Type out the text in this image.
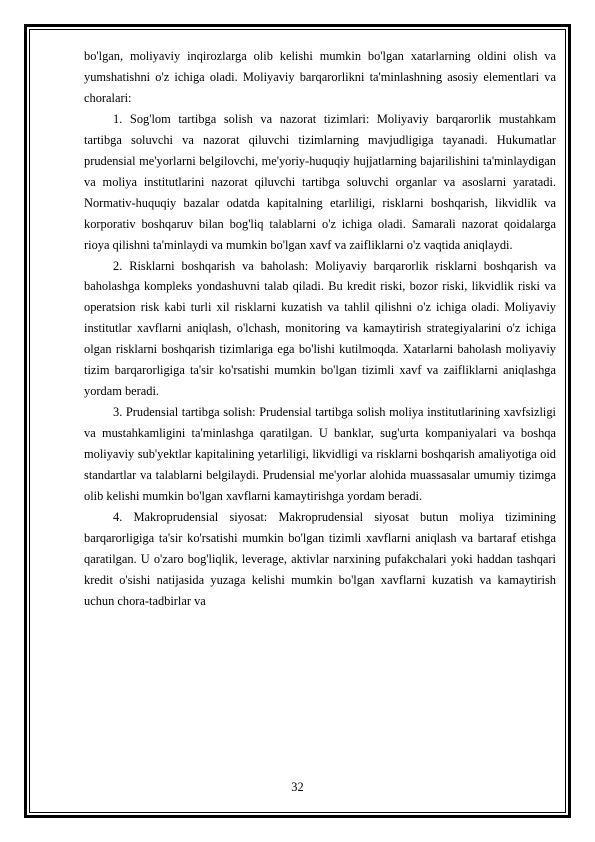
bo'lgan, moliyaviy inqirozlarga olib kelishi mumkin bo'lgan xatarlarning oldini olish va yumshatishni o'z ichiga oladi. Moliyaviy barqarorlikni ta'minlashning asosiy elementlari va choralari:

1. Sog'lom tartibga solish va nazorat tizimlari: Moliyaviy barqarorlik mustahkam tartibga soluvchi va nazorat qiluvchi tizimlarning mavjudligiga tayanadi. Hukumatlar prudensial me'yorlarni belgilovchi, me'yoriy-huquqiy hujjatlarning bajarilishini ta'minlaydigan va moliya institutlarini nazorat qiluvchi tartibga soluvchi organlar va asoslarni yaratadi. Normativ-huquqiy bazalar odatda kapitalning etarliligi, risklarni boshqarish, likvidlik va korporativ boshqaruv bilan bog'liq talablarni o'z ichiga oladi. Samarali nazorat qoidalarga rioya qilishni ta'minlaydi va mumkin bo'lgan xavf va zaifliklarni o'z vaqtida aniqlaydi.

2. Risklarni boshqarish va baholash: Moliyaviy barqarorlik risklarni boshqarish va baholashga kompleks yondashuvni talab qiladi. Bu kredit riski, bozor riski, likvidlik riski va operatsion risk kabi turli xil risklarni kuzatish va tahlil qilishni o'z ichiga oladi. Moliyaviy institutlar xavflarni aniqlash, o'lchash, monitoring va kamaytirish strategiyalarini o'z ichiga olgan risklarni boshqarish tizimlariga ega bo'lishi kutilmoqda. Xatarlarni baholash moliyaviy tizim barqarorligiga ta'sir ko'rsatishi mumkin bo'lgan tizimli xavf va zaifliklarni aniqlashga yordam beradi.

3. Prudensial tartibga solish: Prudensial tartibga solish moliya institutlarining xavfsizligi va mustahkamligini ta'minlashga qaratilgan. U banklar, sug'urta kompaniyalari va boshqa moliyaviy sub'yektlar kapitalining yetarliligi, likvidligi va risklarni boshqarish amaliyotiga oid standartlar va talablarni belgilaydi. Prudensial me'yorlar alohida muassasalar umumiy tizimga olib kelishi mumkin bo'lgan xavflarni kamaytirishga yordam beradi.

4. Makroprudensial siyosat: Makroprudensial siyosat butun moliya tizimining barqarorligiga ta'sir ko'rsatishi mumkin bo'lgan tizimli xavflarni aniqlash va bartaraf etishga qaratilgan. U o'zaro bog'liqlik, leverage, aktivlar narxining pufakchalari yoki haddan tashqari kredit o'sishi natijasida yuzaga kelishi mumkin bo'lgan xavflarni kuzatish va kamaytirish uchun chora-tadbirlar va

32
